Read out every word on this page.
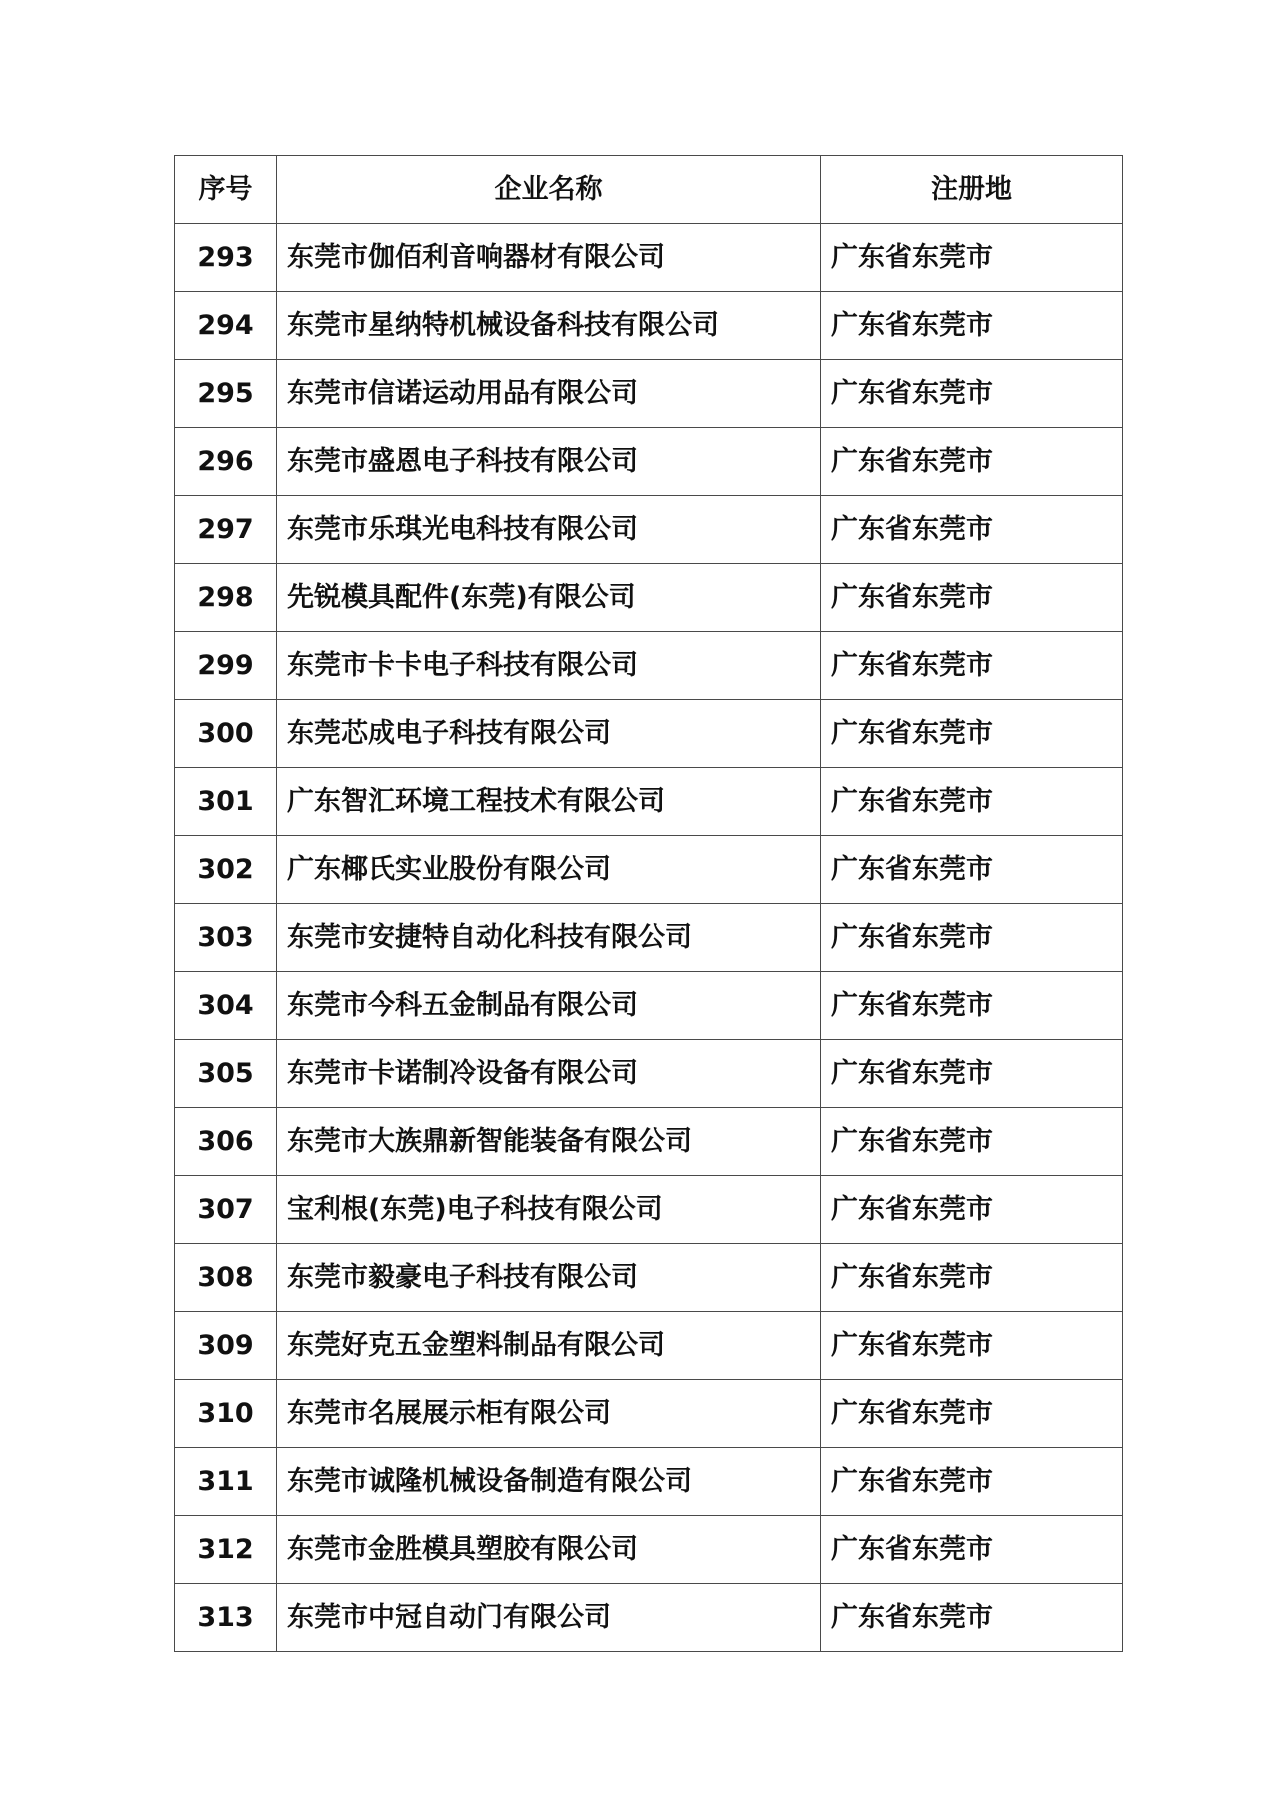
序号	企业名称	注册地
293	东莞市伽佰利音响器材有限公司	广东省东莞市
294	东莞市星纳特机械设备科技有限公司	广东省东莞市
295	东莞市信诺运动用品有限公司	广东省东莞市
296	东莞市盛恩电子科技有限公司	广东省东莞市
297	东莞市乐琪光电科技有限公司	广东省东莞市
298	先锐模具配件(东莞)有限公司	广东省东莞市
299	东莞市卡卡电子科技有限公司	广东省东莞市
300	东莞芯成电子科技有限公司	广东省东莞市
301	广东智汇环境工程技术有限公司	广东省东莞市
302	广东椰氏实业股份有限公司	广东省东莞市
303	东莞市安捷特自动化科技有限公司	广东省东莞市
304	东莞市今科五金制品有限公司	广东省东莞市
305	东莞市卡诺制冷设备有限公司	广东省东莞市
306	东莞市大族鼎新智能装备有限公司	广东省东莞市
307	宝利根(东莞)电子科技有限公司	广东省东莞市
308	东莞市毅豪电子科技有限公司	广东省东莞市
309	东莞好克五金塑料制品有限公司	广东省东莞市
310	东莞市名展展示柜有限公司	广东省东莞市
311	东莞市诚隆机械设备制造有限公司	广东省东莞市
312	东莞市金胜模具塑胶有限公司	广东省东莞市
313	东莞市中冠自动门有限公司	广东省东莞市
